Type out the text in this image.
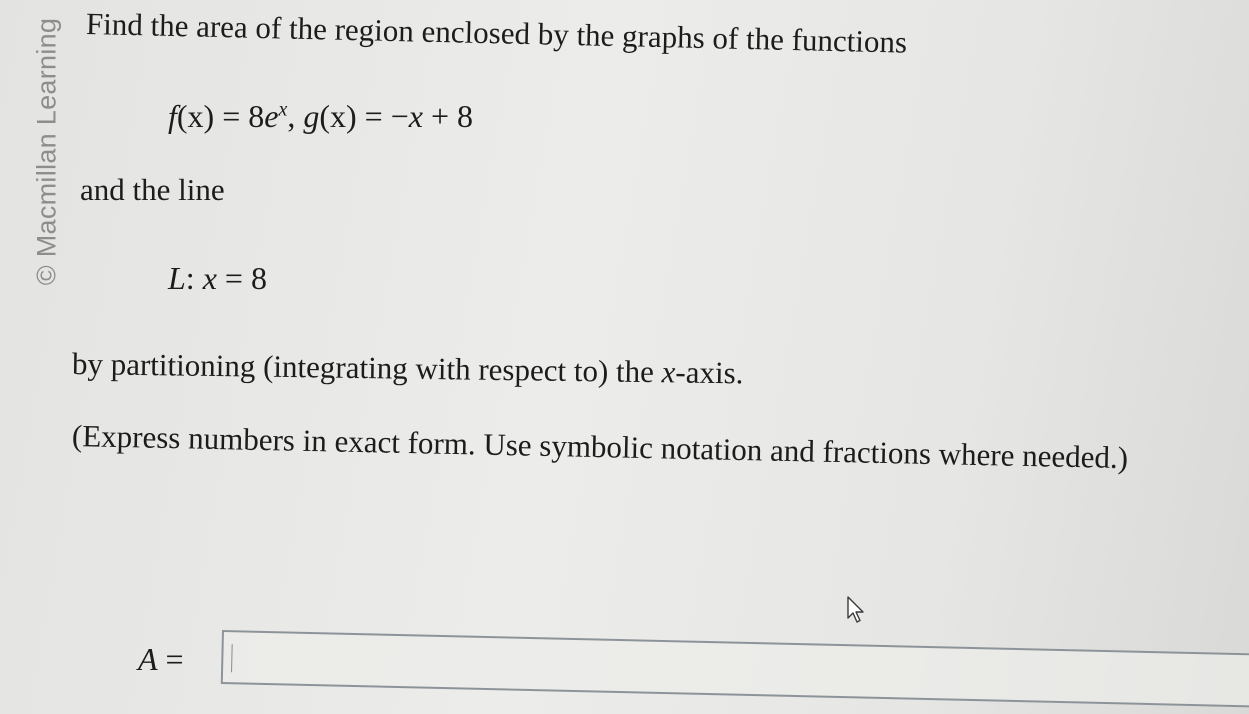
© Macmillan Learning Find the area of the region enclosed by the graphs of the functions
$f(x) = 8e^x$, g(x) = −x + 8
and the line
L: x = 8
by partitioning (integrating with respect to) the x-axis.
(Express numbers in exact form. Use symbolic notation and fractions where needed.)
A =
